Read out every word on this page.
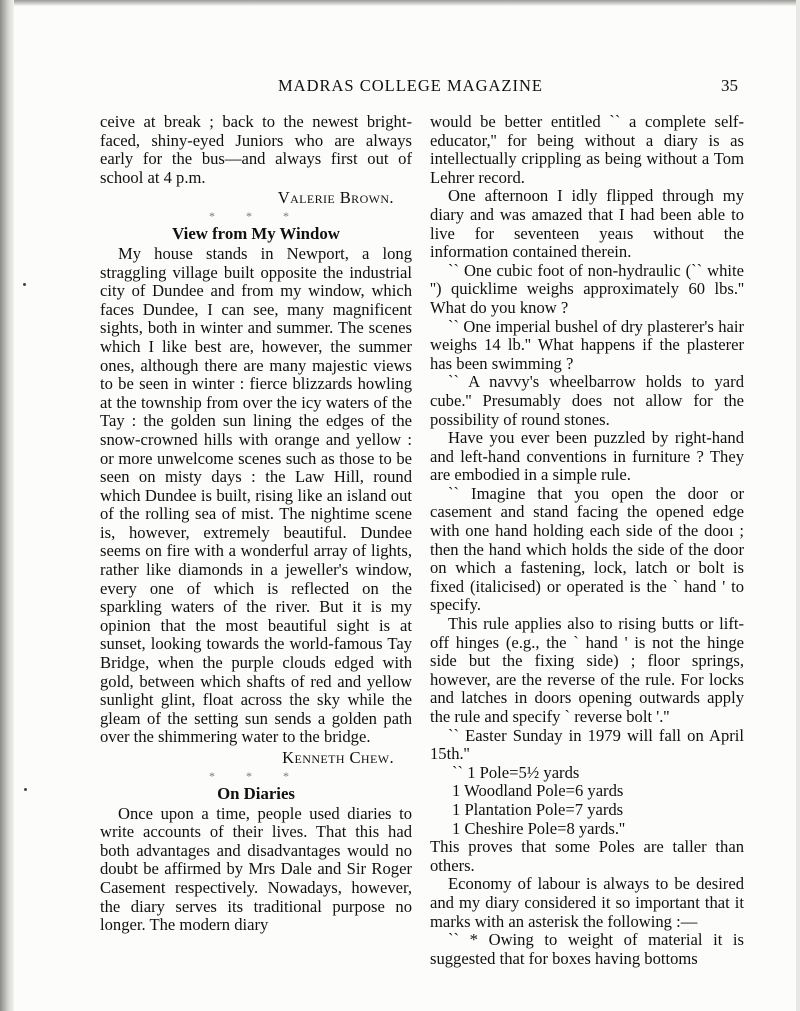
MADRAS COLLEGE MAGAZINE	35

ceive at break ; back to the newest bright-faced, shiny-eyed Juniors who are always early for the bus—and always first out of school at 4 p.m.

Valerie Brown.

* * *

View from My Window

My house stands in Newport, a long straggling village built opposite the industrial city of Dundee and from my window, which faces Dundee, I can see, many magnificent sights, both in winter and summer. The scenes which I like best are, however, the summer ones, although there are many majestic views to be seen in winter : fierce blizzards howling at the township from over the icy waters of the Tay : the golden sun lining the edges of the snow-crowned hills with orange and yellow : or more unwelcome scenes such as those to be seen on misty days : the Law Hill, round which Dundee is built, rising like an island out of the rolling sea of mist. The nightime scene is, however, extremely beautiful. Dundee seems on fire with a wonderful array of lights, rather like diamonds in a jeweller's window, every one of which is reflected on the sparkling waters of the river. But it is my opinion that the most beautiful sight is at sunset, looking towards the world-famous Tay Bridge, when the purple clouds edged with gold, between which shafts of red and yellow sunlight glint, float across the sky while the gleam of the setting sun sends a golden path over the shimmering water to the bridge.

Kenneth Chew.

* * *

On Diaries

Once upon a time, people used diaries to write accounts of their lives. That this had both advantages and disadvantages would no doubt be affirmed by Mrs Dale and Sir Roger Casement respectively. Nowadays, however, the diary serves its traditional purpose no longer. The modern diary

would be better entitled `` a complete self-educator,'' for being without a diary is as intellectually crippling as being without a Tom Lehrer record.

One afternoon I idly flipped through my diary and was amazed that I had been able to live for seventeen yeaıs without the information contained therein.

`` One cubic foot of non-hydraulic (`` white '') quicklime weighs approximately 60 lbs.'' What do you know ?

`` One imperial bushel of dry plasterer's hair weighs 14 lb.'' What happens if the plasterer has been swimming ?

`` A navvy's wheelbarrow holds to yard cube.'' Presumably does not allow for the possibility of round stones.

Have you ever been puzzled by right-hand and left-hand conventions in furniture ? They are embodied in a simple rule.

`` Imagine that you open the door or casement and stand facing the opened edge with one hand holding each side of the dooı ; then the hand which holds the side of the door on which a fastening, lock, latch or bolt is fixed (italicised) or operated is the ` hand ' to specify.

This rule applies also to rising butts or lift-off hinges (e.g., the ` hand ' is not the hinge side but the fixing side) ; floor springs, however, are the reverse of the rule. For locks and latches in doors opening outwards apply the rule and specify ` reverse bolt '.''

`` Easter Sunday in 1979 will fall on April 15th.''

`` 1 Pole=5½ yards

1 Woodland Pole=6 yards

1 Plantation Pole=7 yards

1 Cheshire Pole=8 yards.''

This proves that some Poles are taller than others.

Economy of labour is always to be desired and my diary considered it so important that it marks with an asterisk the following :—

`` * Owing to weight of material it is suggested that for boxes having bottoms
